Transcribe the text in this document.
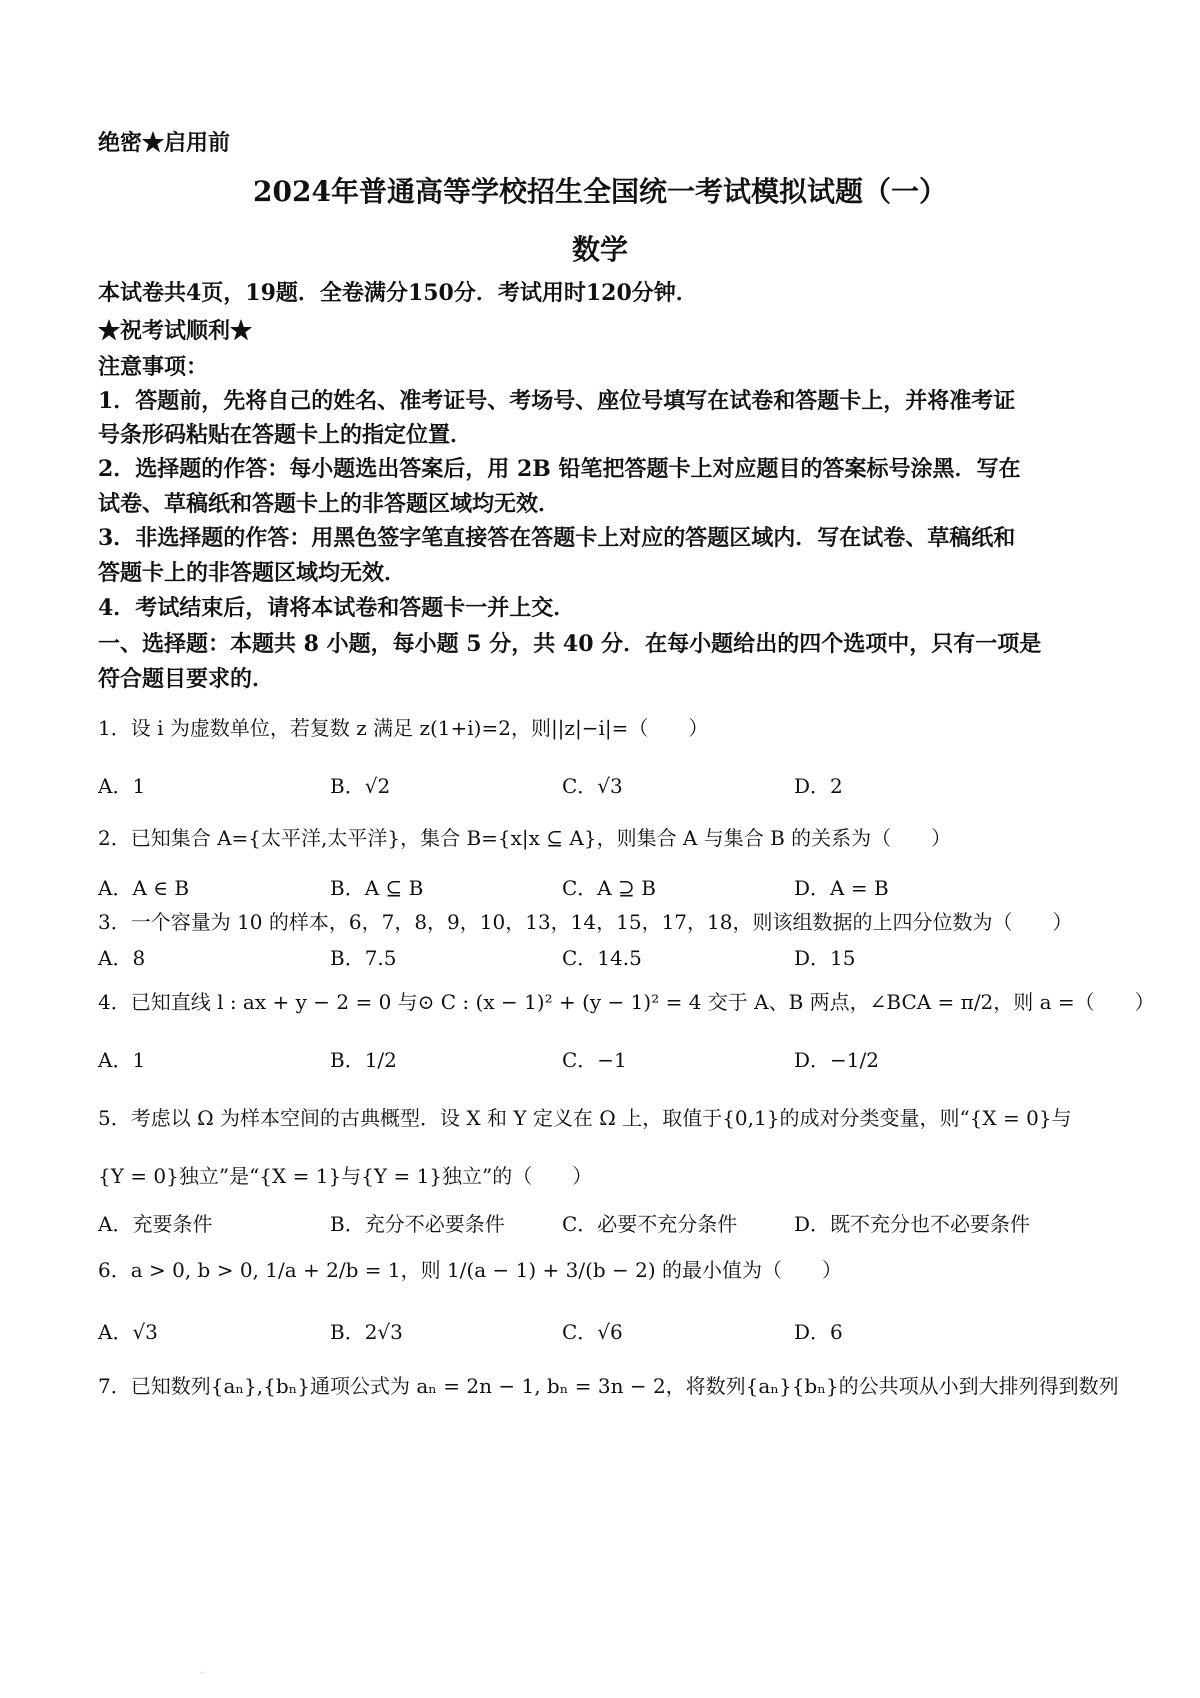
绝密★启用前
2024年普通高等学校招生全国统一考试模拟试题（一）
数学
本试卷共4页，19题．全卷满分150分．考试用时120分钟．
★祝考试顺利★
注意事项：
1．答题前，先将自己的姓名、准考证号、考场号、座位号填写在试卷和答题卡上，并将准考证
号条形码粘贴在答题卡上的指定位置．
2．选择题的作答：每小题选出答案后，用 2B 铅笔把答题卡上对应题目的答案标号涂黑．写在
试卷、草稿纸和答题卡上的非答题区域均无效．
3．非选择题的作答：用黑色签字笔直接答在答题卡上对应的答题区域内．写在试卷、草稿纸和
答题卡上的非答题区域均无效．
4．考试结束后，请将本试卷和答题卡一并上交．
一、选择题：本题共 8 小题，每小题 5 分，共 40 分．在每小题给出的四个选项中，只有一项是
符合题目要求的．
1．设 i 为虚数单位，若复数 z 满足 z(1+i)=2，则||z|−i|=（　　）
A．1	B．√2	C．√3	D．2
2．已知集合 A={太平洋,太平洋}，集合 B={x|x ⊆ A}，则集合 A 与集合 B 的关系为（　　）
A．A ∈ B	B．A ⊆ B	C．A ⊇ B	D．A = B
3．一个容量为 10 的样本，6，7，8，9，10，13，14，15，17，18，则该组数据的上四分位数为（　　）
A．8	B．7.5	C．14.5	D．15
4．已知直线 l : ax + y − 2 = 0 与⊙ C : (x − 1)² + (y − 1)² = 4 交于 A、B 两点，∠BCA = π/2，则 a =（　　）
A．1	B．1/2	C．−1	D．−1/2
5．考虑以 Ω 为样本空间的古典概型．设 X 和 Y 定义在 Ω 上，取值于{0,1}的成对分类变量，则“{X = 0}与
{Y = 0}独立”是“{X = 1}与{Y = 1}独立”的（　　）
A．充要条件	B．充分不必要条件	C．必要不充分条件	D．既不充分也不必要条件
6．a > 0, b > 0, 1/a + 2/b = 1，则 1/(a − 1) + 3/(b − 2) 的最小值为（　　）
A．√3	B．2√3	C．√6	D．6
7．已知数列{aₙ},{bₙ}通项公式为 aₙ = 2n − 1, bₙ = 3n − 2，将数列{aₙ}{bₙ}的公共项从小到大排列得到数列
·
